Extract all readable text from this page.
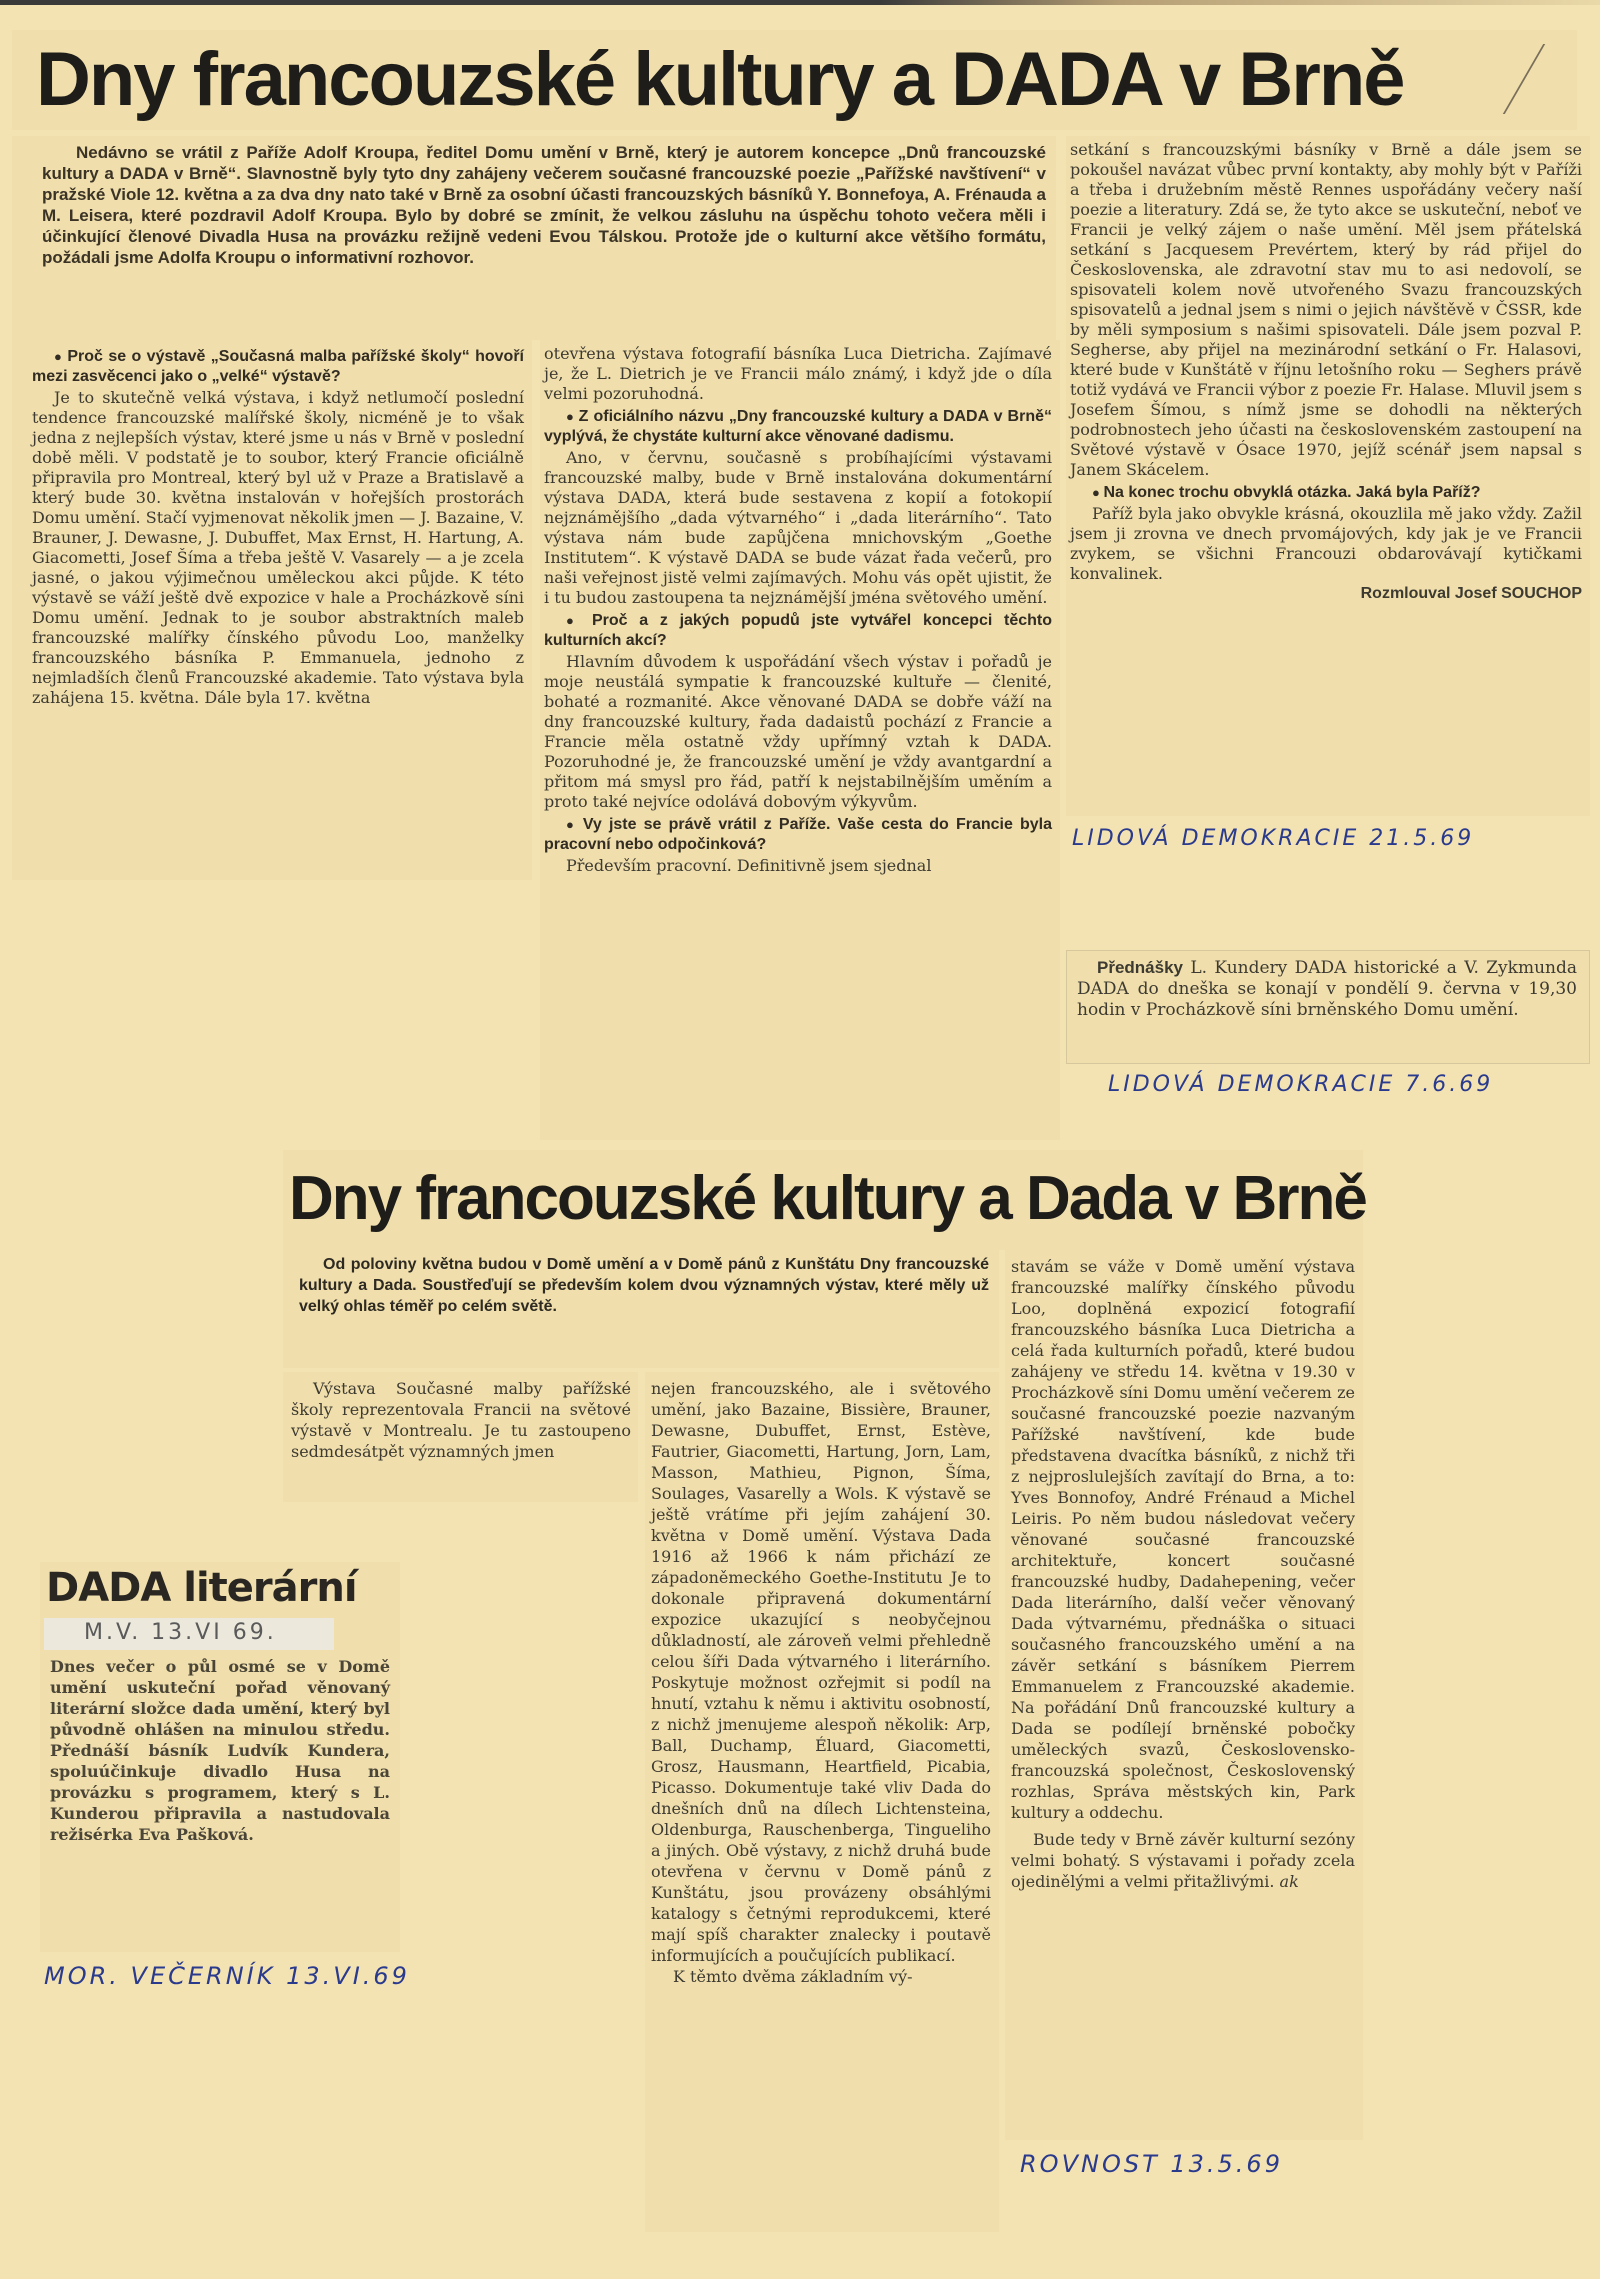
Dny francouzské kultury a DADA v Brně
Nedávno se vrátil z Paříže Adolf Kroupa, ředitel Domu umění v Brně, který je autorem koncepce „Dnů francouzské kultury a DADA v Brně“. Slavnostně byly tyto dny zahájeny večerem současné francouzské poezie „Pařížské navštívení“ v pražské Viole 12. května a za dva dny nato také v Brně za osobní účasti francouzských básníků Y. Bonnefoya, A. Frénauda a M. Leisera, které pozdravil Adolf Kroupa. Bylo by dobré se zmínit, že velkou zásluhu na úspěchu tohoto večera měli i účinkující členové Divadla Husa na provázku režijně vedeni Evou Tálskou. Protože jde o kulturní akce většího formátu, požádali jsme Adolfa Kroupu o informativní rozhovor.

● Proč se o výstavě „Současná malba pařížské školy“ hovoří mezi zasvěcenci jako o „velké“ výstavě?

Je to skutečně velká výstava, i když netlumočí poslední tendence francouzské malířské školy, nicméně je to však jedna z nejlepších výstav, které jsme u nás v Brně v poslední době měli. V podstatě je to soubor, který Francie oficiálně připravila pro Montreal, který byl už v Praze a Bratislavě a který bude 30. května instalován v hořejších prostorách Domu umění. Stačí vyjmenovat několik jmen — J. Bazaine, V. Brauner, J. Dewasne, J. Dubuffet, Max Ernst, H. Hartung, A. Giacometti, Josef Šíma a třeba ještě V. Vasarely — a je zcela jasné, o jakou výjimečnou uměleckou akci půjde. K této výstavě se váží ještě dvě expozice v hale a Procházkově síni Domu umění. Jednak to je soubor abstraktních maleb francouzské malířky čínského původu Loo, manželky francouzského básníka P. Emmanuela, jednoho z nejmladších členů Francouzské akademie. Tato výstava byla zahájena 15. května. Dále byla 17. května

otevřena výstava fotografií básníka Luca Dietricha. Zajímavé je, že L. Dietrich je ve Francii málo známý, i když jde o díla velmi pozoruhodná.

● Z oficiálního názvu „Dny francouzské kultury a DADA v Brně“ vyplývá, že chystáte kulturní akce věnované dadismu.

Ano, v červnu, současně s probíhajícími výstavami francouzské malby, bude v Brně instalována dokumentární výstava DADA, která bude sestavena z kopií a fotokopií nejznámějšího „dada výtvarného“ i „dada literárního“. Tato výstava nám bude zapůjčena mnichovským „Goethe Institutem“. K výstavě DADA se bude vázat řada večerů, pro naši veřejnost jistě velmi zajímavých. Mohu vás opět ujistit, že i tu budou zastoupena ta nejznámější jména světového umění.

● Proč a z jakých popudů jste vytvářel koncepci těchto kulturních akcí?

Hlavním důvodem k uspořádání všech výstav i pořadů je moje neustálá sympatie k francouzské kultuře — členité, bohaté a rozmanité. Akce věnované DADA se dobře váží na dny francouzské kultury, řada dadaistů pochází z Francie a Francie měla ostatně vždy upřímný vztah k DADA. Pozoruhodné je, že francouzské umění je vždy avantgardní a přitom má smysl pro řád, patří k nejstabilnějším uměním a proto také nejvíce odolává dobovým výkyvům.

● Vy jste se právě vrátil z Paříže. Vaše cesta do Francie byla pracovní nebo odpočinková?

Především pracovní. Definitivně jsem sjednal

setkání s francouzskými básníky v Brně a dále jsem se pokoušel navázat vůbec první kontakty, aby mohly být v Paříži a třeba i družebním městě Rennes uspořádány večery naší poezie a literatury. Zdá se, že tyto akce se uskuteční, neboť ve Francii je velký zájem o naše umění. Měl jsem přátelská setkání s Jacquesem Prevértem, který by rád přijel do Československa, ale zdravotní stav mu to asi nedovolí, se spisovateli kolem nově utvořeného Svazu francouzských spisovatelů a jednal jsem s nimi o jejich návštěvě v ČSSR, kde by měli symposium s našimi spisovateli. Dále jsem pozval P. Segherse, aby přijel na mezinárodní setkání o Fr. Halasovi, které bude v Kunštátě v říjnu letošního roku — Seghers právě totiž vydává ve Francii výbor z poezie Fr. Halase. Mluvil jsem s Josefem Šímou, s nímž jsme se dohodli na některých podrobnostech jeho účasti na československém zastoupení na Světové výstavě v Ósace 1970, jejíž scénář jsem napsal s Janem Skácelem.

● Na konec trochu obvyklá otázka. Jaká byla Paříž?

Paříž byla jako obvykle krásná, okouzlila mě jako vždy. Zažil jsem ji zrovna ve dnech prvomájových, kdy jak je ve Francii zvykem, se všichni Francouzi obdarovávají kytičkami konvalinek.

Rozmlouval Josef SOUCHOP

LIDOVÁ DEMOKRACIE 21.5.69

Přednášky L. Kundery DADA historické a V. Zykmunda DADA do dneška se konají v pondělí 9. června v 19,30 hodin v Procházkově síni brněnského Domu umění.

LIDOVÁ DEMOKRACIE 7.6.69
Dny francouzské kultury a Dada v Brně
Od poloviny května budou v Domě umění a v Domě pánů z Kunštátu Dny francouzské kultury a Dada. Soustřeďují se především kolem dvou významných výstav, které měly už velký ohlas téměř po celém světě.
Výstava Současné malby pařížské školy reprezentovala Francii na světové výstavě v Montrealu. Je tu zastoupeno sedmdesátpět významných jmen

nejen francouzského, ale i světového umění, jako Bazaine, Bissière, Brauner, Dewasne, Dubuffet, Ernst, Estève, Fautrier, Giacometti, Hartung, Jorn, Lam, Masson, Mathieu, Pignon, Šíma, Soulages, Vasarelly a Wols. K výstavě se ještě vrátíme při jejím zahájení 30. května v Domě umění. Výstava Dada 1916 až 1966 k nám přichází ze západoněmeckého Goethe-Institutu Je to dokonale připravená dokumentární expozice ukazující s neobyčejnou důkladností, ale zároveň velmi přehledně celou šíři Dada výtvarného i literárního. Poskytuje možnost ozřejmit si podíl na hnutí, vztahu k němu i aktivitu osobností, z nichž jmenujeme alespoň několik: Arp, Ball, Duchamp, Éluard, Giacometti, Grosz, Hausmann, Heartfield, Picabia, Picasso. Dokumentuje také vliv Dada do dnešních dnů na dílech Lichtensteina, Oldenburga, Rauschenberga, Tingueliho a jiných. Obě výstavy, z nichž druhá bude otevřena v červnu v Domě pánů z Kunštátu, jsou provázeny obsáhlými katalogy s četnými reprodukcemi, které mají spíš charakter znalecky i poutavě informujících a poučujících publikací.

K těmto dvěma základním vý-

stavám se váže v Domě umění výstava francouzské malířky čínského původu Loo, doplněná expozicí fotografií francouzského básníka Luca Dietricha a celá řada kulturních pořadů, které budou zahájeny ve středu 14. května v 19.30 v Procházkově síni Domu umění večerem ze současné francouzské poezie nazvaným Pařížské navštívení, kde bude představena dvacítka básníků, z nichž tři z nejproslulejších zavítají do Brna, a to: Yves Bonnofoy, André Frénaud a Michel Leiris. Po něm budou následovat večery věnované současné francouzské architektuře, koncert současné francouzské hudby, Dadahepening, večer Dada literárního, další večer věnovaný Dada výtvarnému, přednáška o situaci současného francouzského umění a na závěr setkání s básníkem Pierrem Emmanuelem z Francouzské akademie. Na pořádání Dnů francouzské kultury a Dada se podílejí brněnské pobočky uměleckých svazů, Československo-francouzská společnost, Československý rozhlas, Správa městských kin, Park kultury a oddechu.

Bude tedy v Brně závěr kulturní sezóny velmi bohatý. S výstavami i pořady zcela ojedinělými a velmi přitažlivými. ak

ROVNOST 13.5.69
DADA literární
M.V. 13.VI 69.
Dnes večer o půl osmé se v Domě umění uskuteční pořad věnovaný literární složce dada umění, který byl původně ohlášen na minulou středu. Přednáší básník Ludvík Kundera, spoluúčinkuje divadlo Husa na provázku s programem, který s L. Kunderou připravila a nastudovala režisérka Eva Pašková.
MOR. VEČERNÍK 13.VI.69
